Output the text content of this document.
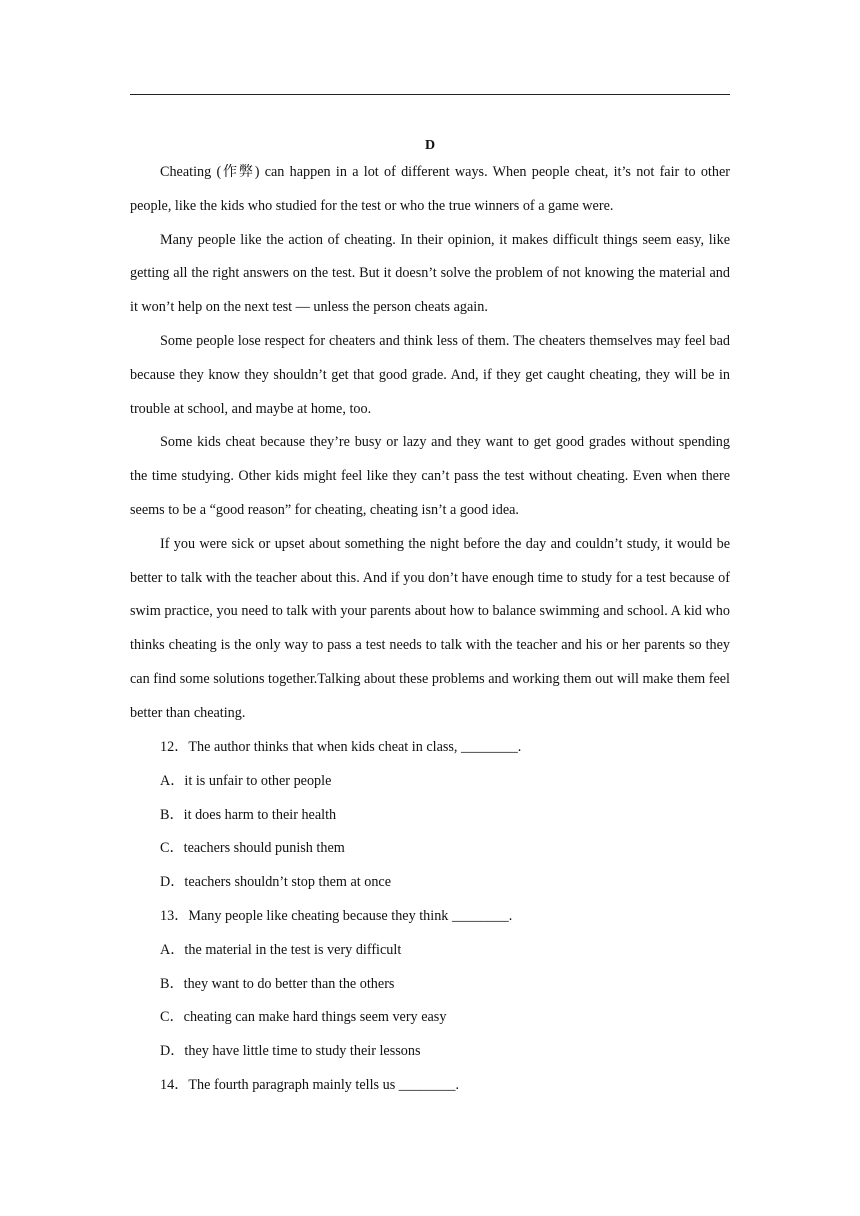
D

Cheating (作弊) can happen in a lot of different ways. When people cheat, it’s not fair to other people, like the kids who studied for the test or who the true winners of a game were.

Many people like the action of cheating. In their opinion, it makes difficult things seem easy, like getting all the right answers on the test. But it doesn’t solve the problem of not knowing the material and it won’t help on the next test — unless the person cheats again.

Some people lose respect for cheaters and think less of them. The cheaters themselves may feel bad because they know they shouldn’t get that good grade. And, if they get caught cheating, they will be in trouble at school, and maybe at home, too.

Some kids cheat because they’re busy or lazy and they want to get good grades without spending the time studying. Other kids might feel like they can’t pass the test without cheating. Even when there seems to be a “good reason” for cheating, cheating isn’t a good idea.

If you were sick or upset about something the night before the day and couldn’t study, it would be better to talk with the teacher about this. And if you don’t have enough time to study for a test because of swim practice, you need to talk with your parents about how to balance swimming and school. A kid who thinks cheating is the only way to pass a test needs to talk with the teacher and his or her parents so they can find some solutions together.Talking about these problems and working them out will make them feel better than cheating.

12．The author thinks that when kids cheat in class, ________.
A．it is unfair to other people
B．it does harm to their health
C．teachers should punish them
D．teachers shouldn’t stop them at once
13．Many people like cheating because they think ________.
A．the material in the test is very difficult
B．they want to do better than the others
C．cheating can make hard things seem very easy
D．they have little time to study their lessons
14．The fourth paragraph mainly tells us ________.
